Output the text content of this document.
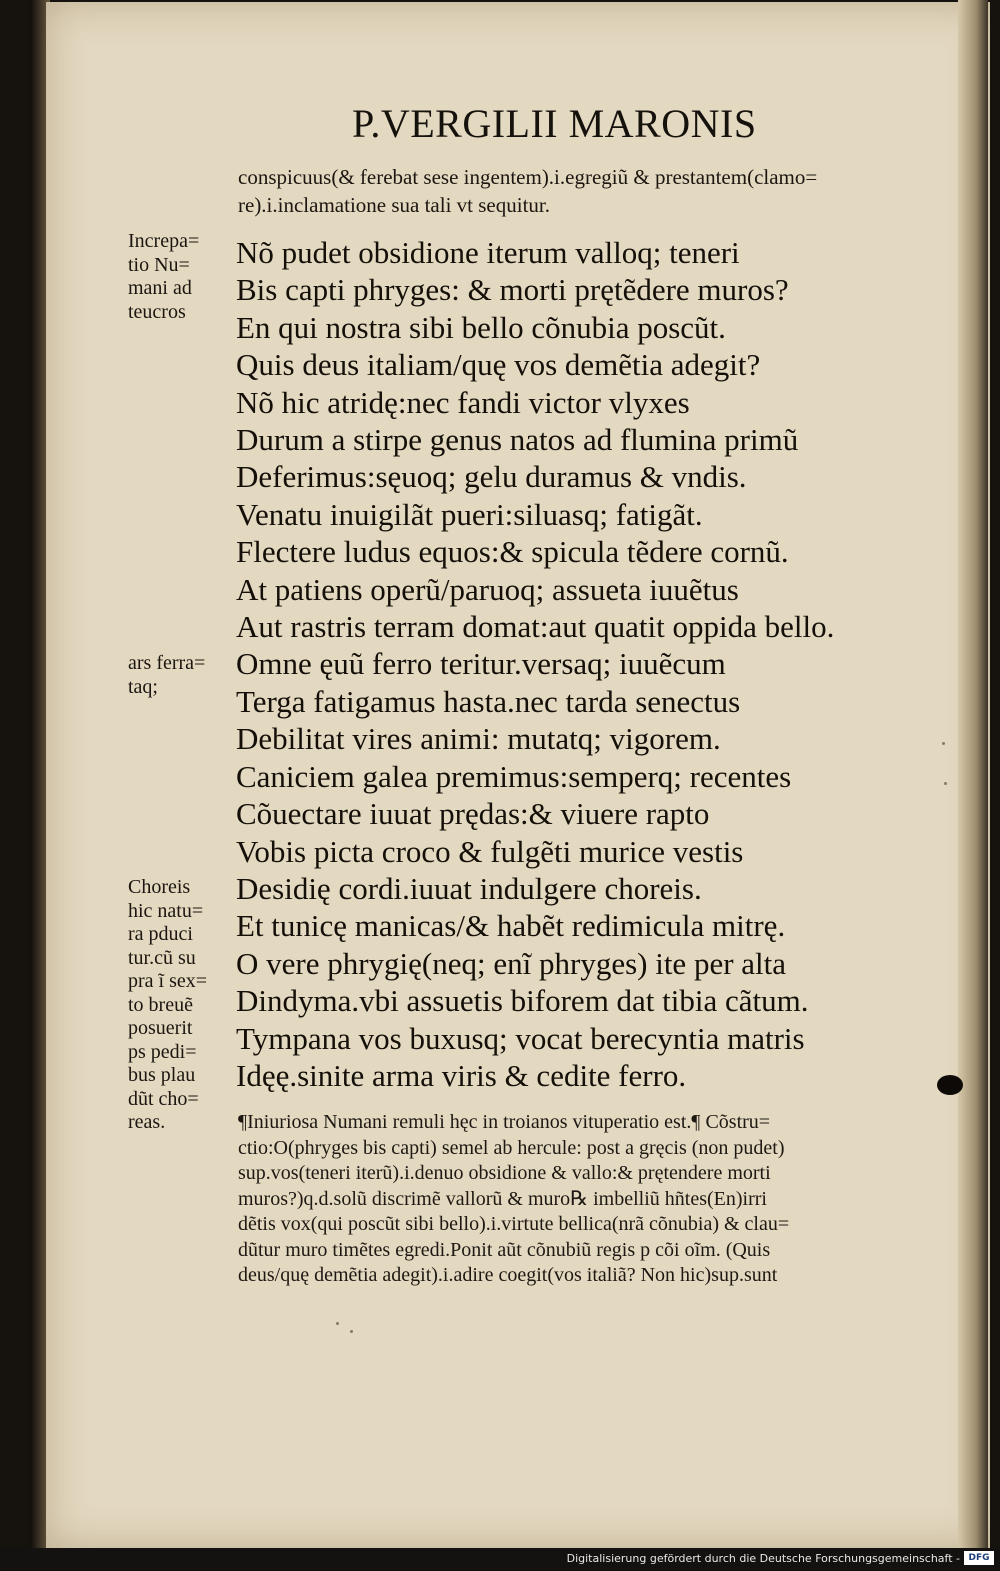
P.VERGILII MARONIS
conspicuus(& ferebat sese ingentem).i.egregiũ & prestantem(clamo=
re).i.inclamatione sua tali vt sequitur.
Increpa=
tio Nu=
mani ad
teucros
ars ferra=
taq;
Choreis
hic natu=
ra pduci
tur.cũ su
pra ĩ sex=
to breuẽ
posuerit
ps pedi=
bus plau
dũt cho=
reas.
Nõ pudet obsidione iterum valloq; teneri
Bis capti phryges: & morti prętẽdere muros?
En qui nostra sibi bello cõnubia poscũt.
Quis deus italiam/quę vos demẽtia adegit?
Nõ hic atridę:nec fandi victor vlyxes
Durum a stirpe genus natos ad flumina primũ
Deferimus:sęuoq; gelu duramus & vndis.
Venatu inuigilãt pueri:siluasq; fatigãt.
Flectere ludus equos:& spicula tẽdere cornũ.
At patiens operũ/paruoq; assueta iuuẽtus
Aut rastris terram domat:aut quatit oppida bello.
Omne ęuũ ferro teritur.versaq; iuuẽcum
Terga fatigamus hasta.nec tarda senectus
Debilitat vires animi: mutatq; vigorem.
Caniciem galea premimus:semperq; recentes
Cõuectare iuuat prędas:& viuere rapto
Vobis picta croco & fulgẽti murice vestis
Desidię cordi.iuuat indulgere choreis.
Et tunicę manicas/& habẽt redimicula mitrę.
O vere phrygię(neq; enĩ phryges) ite per alta
Dindyma.vbi assuetis biforem dat tibia cãtum.
Tympana vos buxusq; vocat berecyntia matris
Idęę.sinite arma viris & cedite ferro.
¶Iniuriosa Numani remuli hęc in troianos vituperatio est.¶ Cõstru=
ctio:O(phryges bis capti) semel ab hercule: post a gręcis (non pudet)
sup.vos(teneri iterũ).i.denuo obsidione & vallo:& prętendere morti
muros?)q.d.solũ discrimẽ vallorũ & muro℞ imbelliũ hñtes(En)irri
dẽtis vox(qui poscũt sibi bello).i.virtute bellica(nrã cõnubia) & clau=
dũtur muro timẽtes egredi.Ponit aũt cõnubiũ regis p cõi oĩm. (Quis
deus/quę demẽtia adegit).i.adire coegit(vos italiã? Non hic)sup.sunt
Digitalisierung gefördert durch die Deutsche Forschungsgemeinschaft - DFG
